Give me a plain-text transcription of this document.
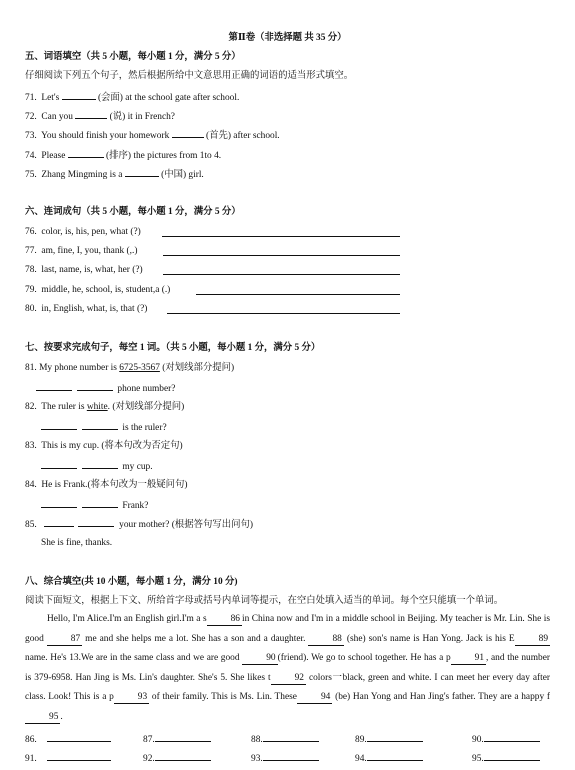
第Ⅱ卷（非选择题 共 35 分）
五、词语填空（共 5 小题，每小题 1 分，满分 5 分）
仔细阅读下列五个句子，然后根据所给中文意思用正确的词语的适当形式填空。
71. Let's	(会面) at the school gate after school.
72. Can you	(说) it in French?
73. You should finish your homework	(首先) after school.
74. Please	(排序) the pictures from 1to 4.
75. Zhang Mingming is a	(中国) girl.
六、连词成句（共 5 小题，每小题 1 分，满分 5 分）
76. color, is, his, pen, what (?)
77. am, fine, I, you, thank (,.)
78. last, name, is, what, her (?)
79. middle, he, school, is, student,a (.)
80. in, English, what, is, that (?)
七、按要求完成句子，每空 1 词。（共 5 小题，每小题 1 分，满分 5 分）
81. My phone number is 6725-3567 (对划线部分提问)
phone number?
82. The ruler is white. (对划线部分提问)
is the ruler?
83. This is my cup. (将本句改为否定句)
my cup.
84. He is Frank.(将本句改为一般疑问句)
Frank?
85.	your mother? (根据答句写出问句)
She is fine, thanks.
八、综合填空(共 10 小题，每小题 1 分，满分 10 分)
阅读下面短文，根据上下文、所给首字母或括号内单词等提示，在空白处填入适当的单词。每个空只能填一个单词。
Hello, I'm Alice.I'm an English girl.I'm a s	86 in China now and I'm in a middle school in Beijing. My teacher is Mr. Lin. She is good	87 me and she helps me a lot. She has a son and a daughter.	88 (she) son's name is Han Yong. Jack is his E	89 name. He's 13.We are in the same class and we are good	90 (friend). We go to school together. He has a p	91 , and the number is 379-6958. Han Jing is Ms. Lin's daughter. She's 5. She likes t	92 colors一black, green and white. I can meet her every day after class. Look! This is a p	93 of their family. This is Ms. Lin. These	94 (be) Han Yong and Han Jing's father. They are a happy f95 .
86.	87.	88.	89.	90.
91.	92.	93.	94.	95.
